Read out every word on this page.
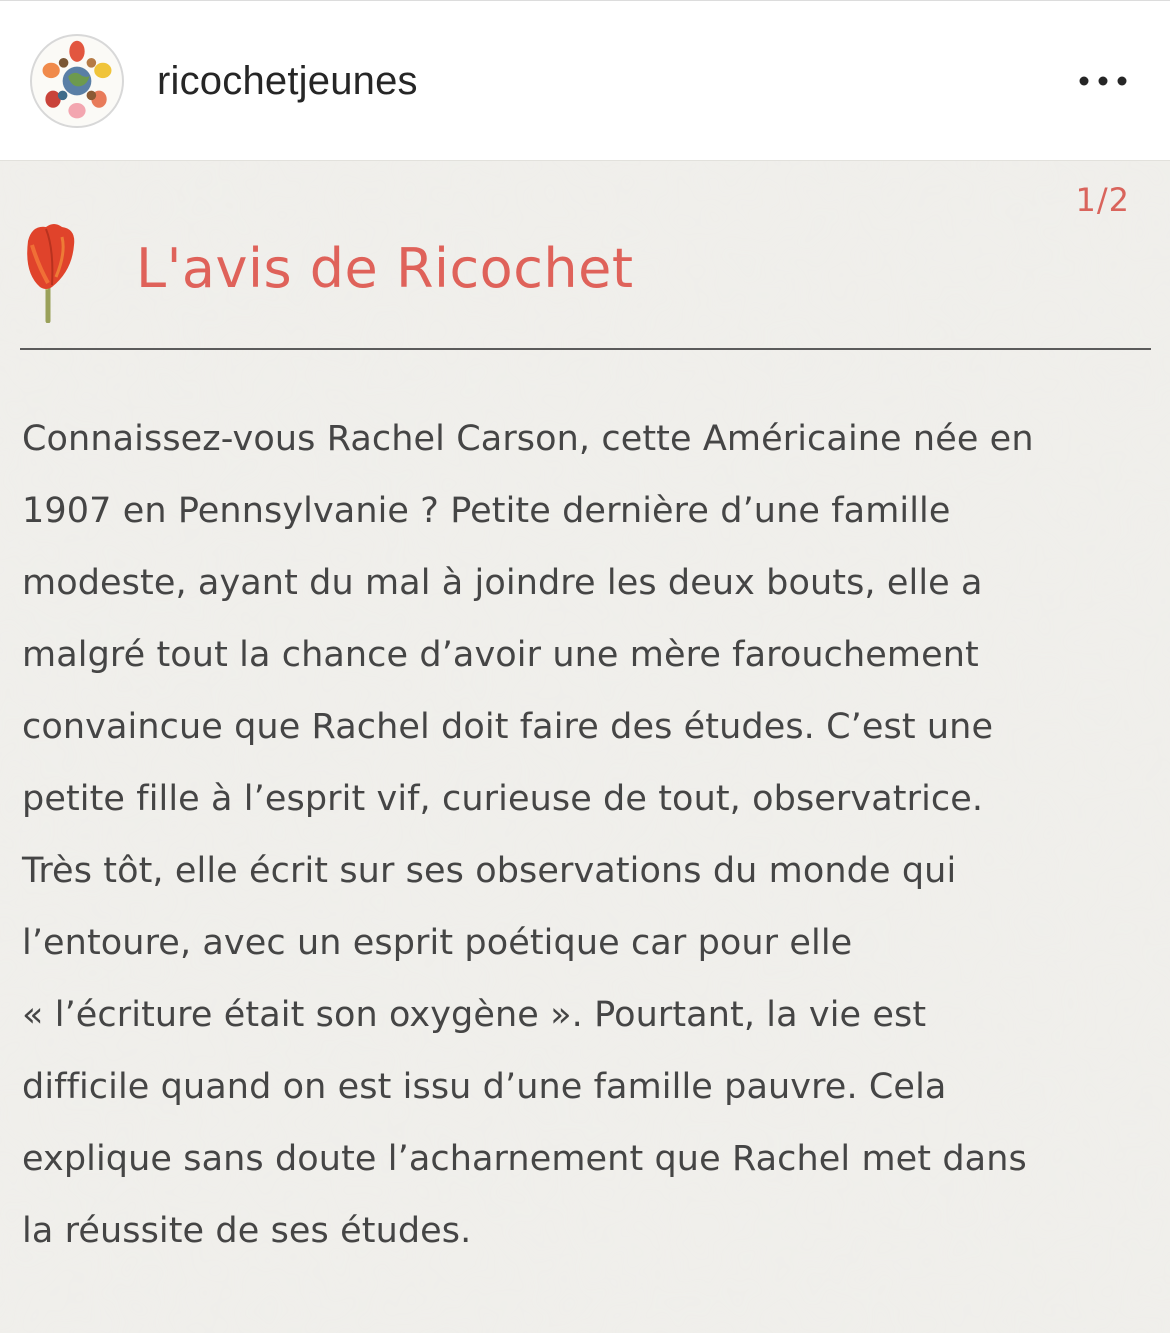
ricochetjeunes
1/2
L'avis de Ricochet
Connaissez-vous Rachel Carson, cette Américaine née en
1907 en Pennsylvanie ? Petite dernière d’une famille
modeste, ayant du mal à joindre les deux bouts, elle a
malgré tout la chance d’avoir une mère farouchement
convaincue que Rachel doit faire des études. C’est une
petite fille à l’esprit vif, curieuse de tout, observatrice.
Très tôt, elle écrit sur ses observations du monde qui
l’entoure, avec un esprit poétique car pour elle
« l’écriture était son oxygène ». Pourtant, la vie est
difficile quand on est issu d’une famille pauvre. Cela
explique sans doute l’acharnement que Rachel met dans
la réussite de ses études.
